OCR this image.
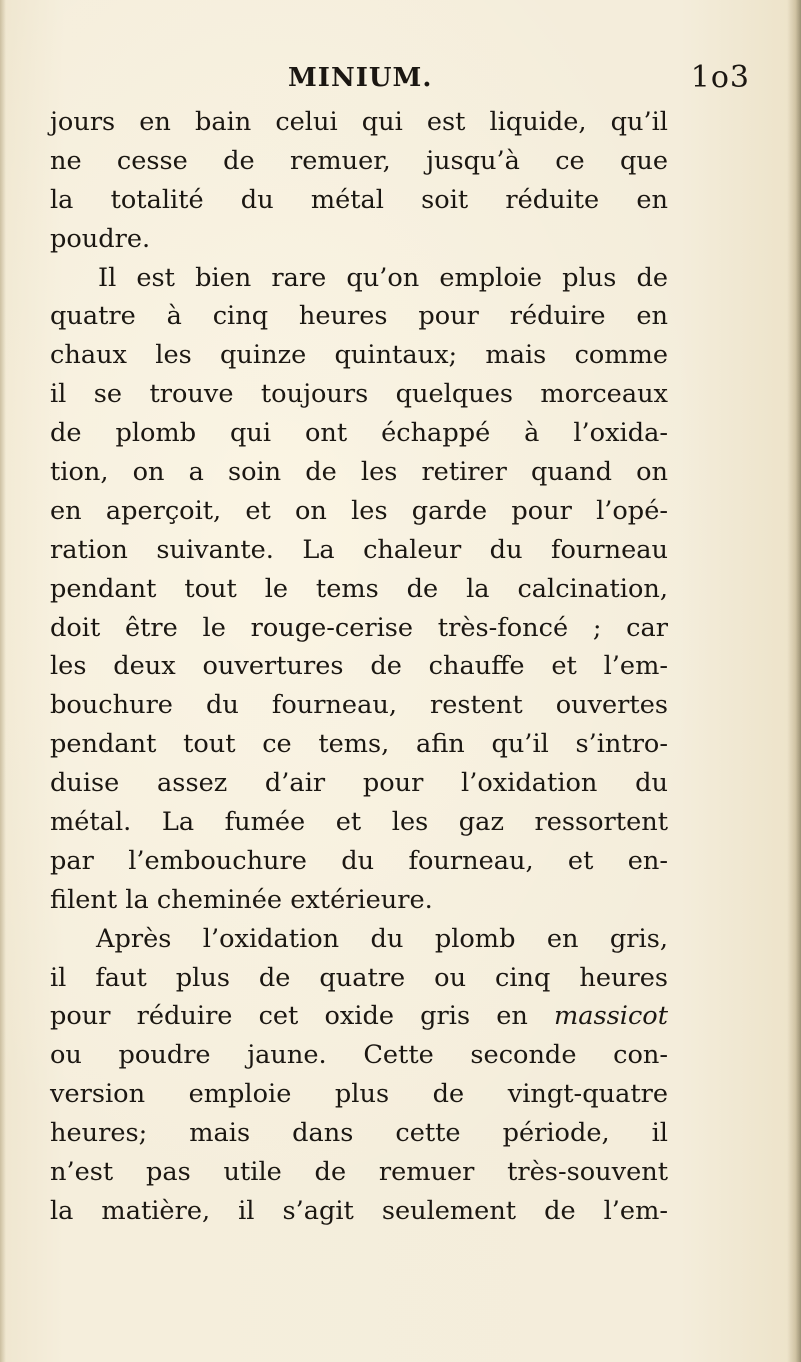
MINIUM.	1o3
jours en bain celui qui est liquide, qu’il
ne cesse de remuer, jusqu’à ce que
la totalité du métal soit réduite en
poudre.
Il est bien rare qu’on emploie plus de
quatre à cinq heures pour réduire en
chaux les quinze quintaux; mais comme
il se trouve toujours quelques morceaux
de plomb qui ont échappé à l’oxida-
tion, on a soin de les retirer quand on
en aperçoit, et on les garde pour l’opé-
ration suivante. La chaleur du fourneau
pendant tout le tems de la calcination,
doit être le rouge-cerise très-foncé ; car
les deux ouvertures de chauffe et l’em-
bouchure du fourneau, restent ouvertes
pendant tout ce tems, afin qu’il s’intro-
duise assez d’air pour l’oxidation du
métal. La fumée et les gaz ressortent
par l’embouchure du fourneau, et en-
filent la cheminée extérieure.
Après l’oxidation du plomb en gris,
il faut plus de quatre ou cinq heures
pour réduire cet oxide gris en massicot
ou poudre jaune. Cette seconde con-
version emploie plus de vingt-quatre
heures; mais dans cette période, il
n’est pas utile de remuer très-souvent
la matière, il s’agit seulement de l’em-
